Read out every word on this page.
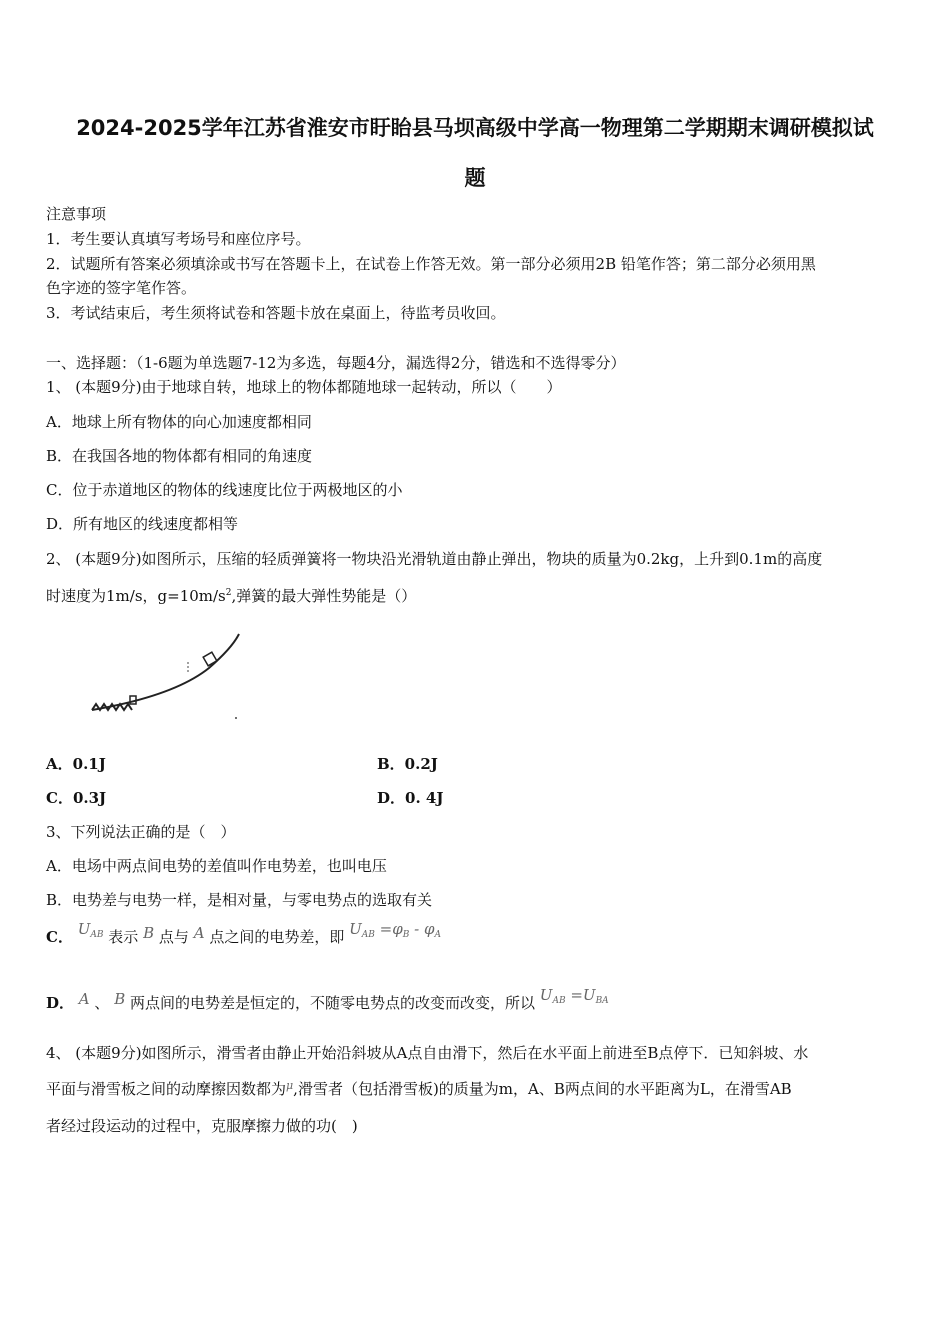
2024-2025学年江苏省淮安市盱眙县马坝高级中学高一物理第二学期期末调研模拟试
题
注意事项
1．考生要认真填写考场号和座位序号。
2．试题所有答案必须填涂或书写在答题卡上，在试卷上作答无效。第一部分必须用2B 铅笔作答；第二部分必须用黑
色字迹的签字笔作答。
3．考试结束后，考生须将试卷和答题卡放在桌面上，待监考员收回。
一、选择题：（1-6题为单选题7-12为多选，每题4分，漏选得2分，错选和不选得零分）
1、 (本题9分)由于地球自转，地球上的物体都随地球一起转动，所以（　　）
A．地球上所有物体的向心加速度都相同
B．在我国各地的物体都有相同的角速度
C．位于赤道地区的物体的线速度比位于两极地区的小
D．所有地区的线速度都相等
2、 (本题9分)如图所示，压缩的轻质弹簧将一物块沿光滑轨道由静止弹出，物块的质量为0.2kg，上升到0.1m的高度
时速度为1m/s，$g=10m/s^2$,弹簧的最大弹性势能是（）
A．0.1J	B．0.2J
C．0.3J	D．0. 4J
3、下列说法正确的是（　）
A．电场中两点间电势的差值叫作电势差，也叫电压
B．电势差与电势一样，是相对量，与零电势点的选取有关
C． $U_{AB}$ 表示 B 点与 A 点之间的电势差，即 $U_{AB} =\varphi_B - \varphi_A$
D． A 、 B 两点间的电势差是恒定的，不随零电势点的改变而改变，所以 $U_{AB} =U_{BA}$
4、 (本题9分)如图所示，滑雪者由静止开始沿斜坡从A点自由滑下，然后在水平面上前进至B点停下．已知斜坡、水
平面与滑雪板之间的动摩擦因数都为$^\mu$,滑雪者（包括滑雪板)的质量为m，A、B两点间的水平距离为L，在滑雪AB
者经过段运动的过程中，克服摩擦力做的功(　)
